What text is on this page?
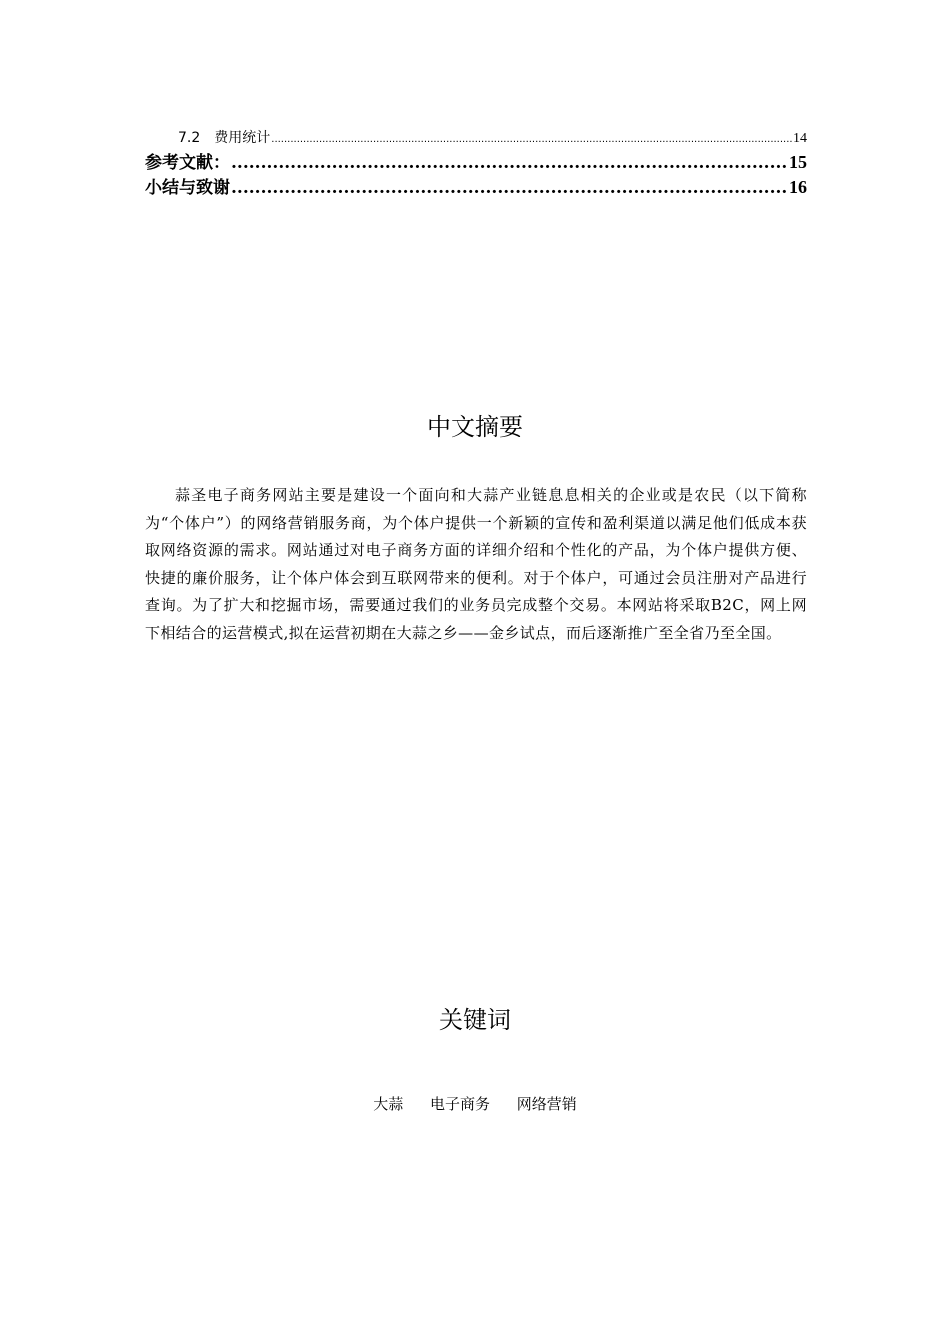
7.2 费用统计 .....	14
参考文献： .....	15
小结与致谢 .....	16
中文摘要

蒜圣电子商务网站主要是建设一个面向和大蒜产业链息息相关的企业或是农民（以下简称为“个体户”）的网络营销服务商，为个体户提供一个新颖的宣传和盈利渠道以满足他们低成本获取网络资源的需求。网站通过对电子商务方面的详细介绍和个性化的产品，为个体户提供方便、快捷的廉价服务，让个体户体会到互联网带来的便利。对于个体户，可通过会员注册对产品进行查询。为了扩大和挖掘市场，需要通过我们的业务员完成整个交易。本网站将采取B2C，网上网下相结合的运营模式,拟在运营初期在大蒜之乡——金乡试点，而后逐渐推广至全省乃至全国。

关键词
大蒜 电子商务 网络营销
